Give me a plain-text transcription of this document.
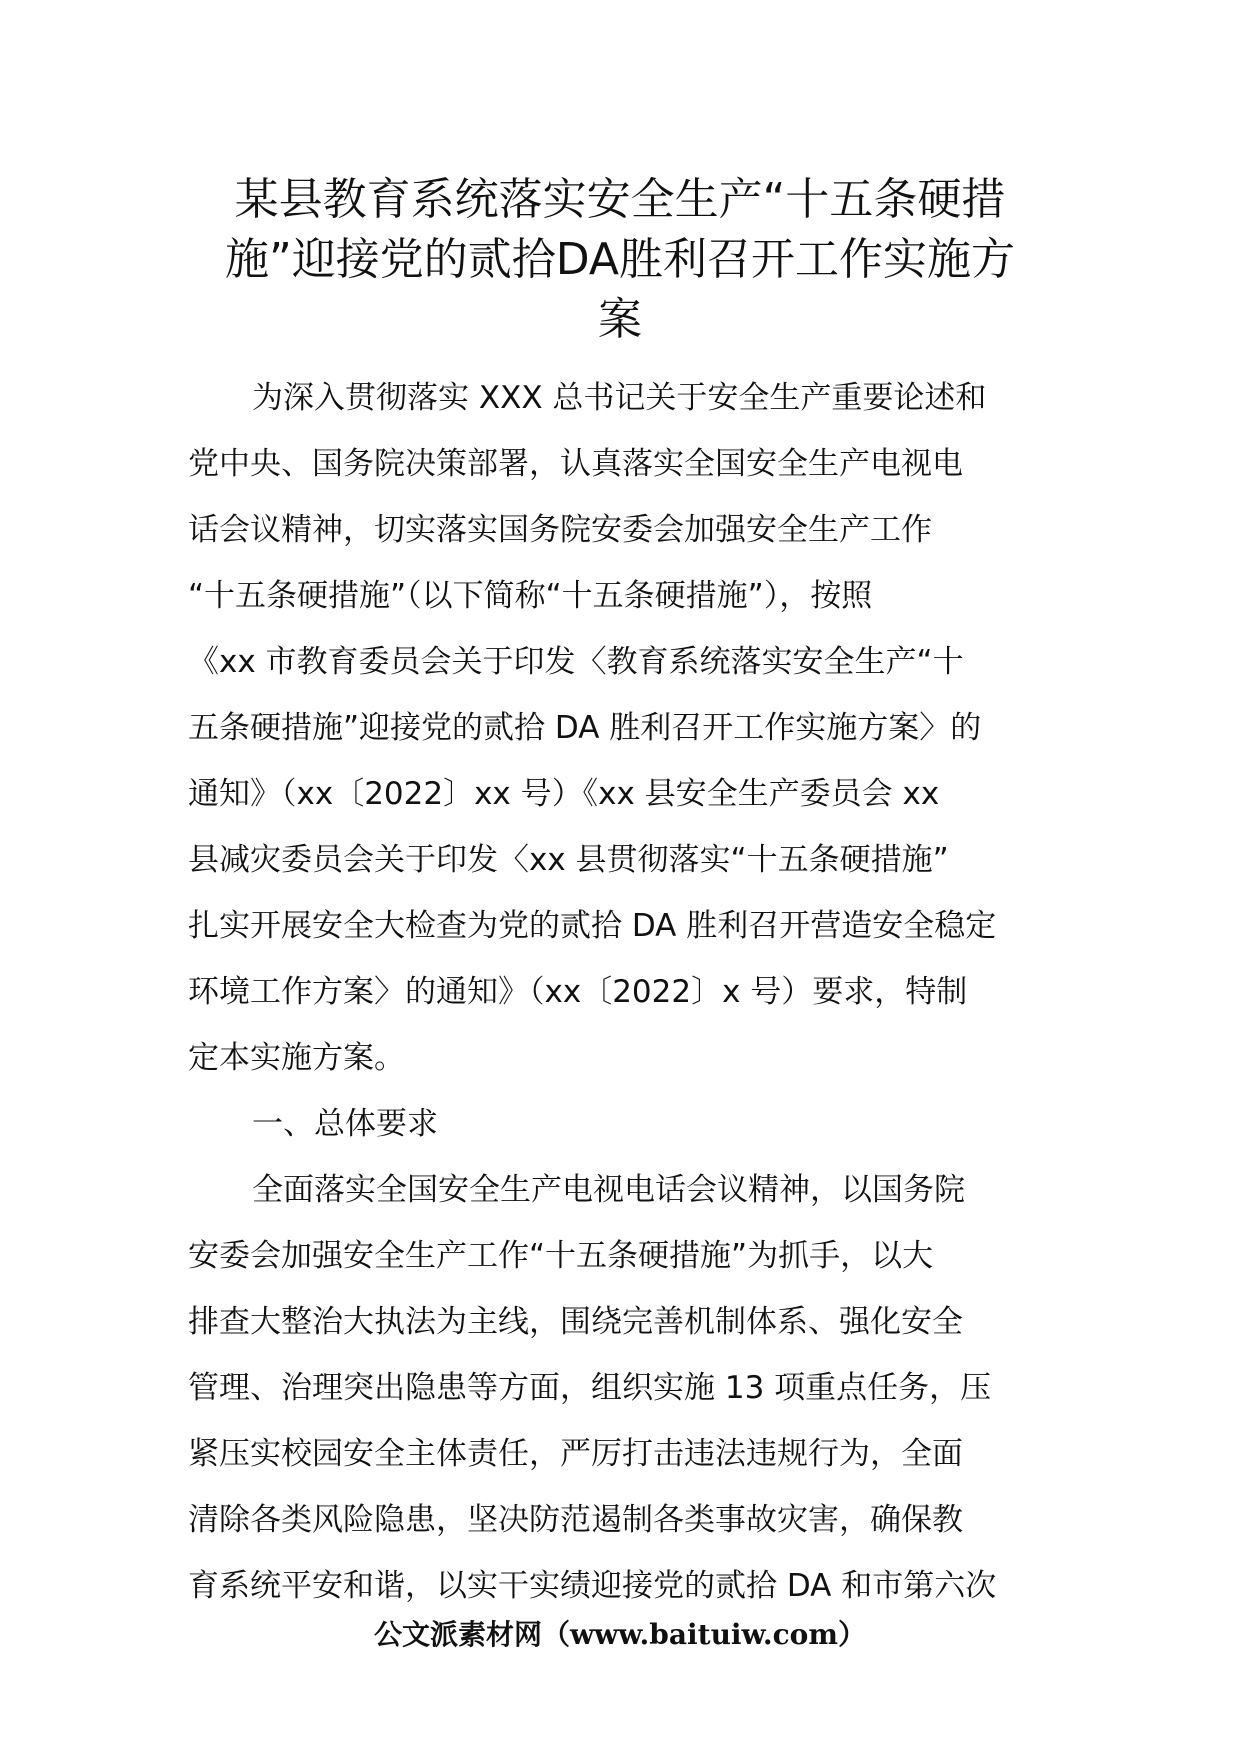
某县教育系统落实安全生产“十五条硬措
施”迎接党的贰拾DA胜利召开工作实施方
案
为深入贯彻落实 XXX 总书记关于安全生产重要论述和
党中央、国务院决策部署，认真落实全国安全生产电视电
话会议精神，切实落实国务院安委会加强安全生产工作
“十五条硬措施”（以下简称“十五条硬措施”），按照
《xx 市教育委员会关于印发〈教育系统落实安全生产“十
五条硬措施”迎接党的贰拾 DA 胜利召开工作实施方案〉的
通知》（xx〔2022〕xx 号）《xx 县安全生产委员会 xx
县减灾委员会关于印发〈xx 县贯彻落实“十五条硬措施”
扎实开展安全大检查为党的贰拾 DA 胜利召开营造安全稳定
环境工作方案〉的通知》（xx〔2022〕x 号）要求，特制
定本实施方案。
一、总体要求
全面落实全国安全生产电视电话会议精神，以国务院
安委会加强安全生产工作“十五条硬措施”为抓手，以大
排查大整治大执法为主线，围绕完善机制体系、强化安全
管理、治理突出隐患等方面，组织实施 13 项重点任务，压
紧压实校园安全主体责任，严厉打击违法违规行为，全面
清除各类风险隐患，坚决防范遏制各类事故灾害，确保教
育系统平安和谐，以实干实绩迎接党的贰拾 DA 和市第六次
公文派素材网（www.baituiw.com）
